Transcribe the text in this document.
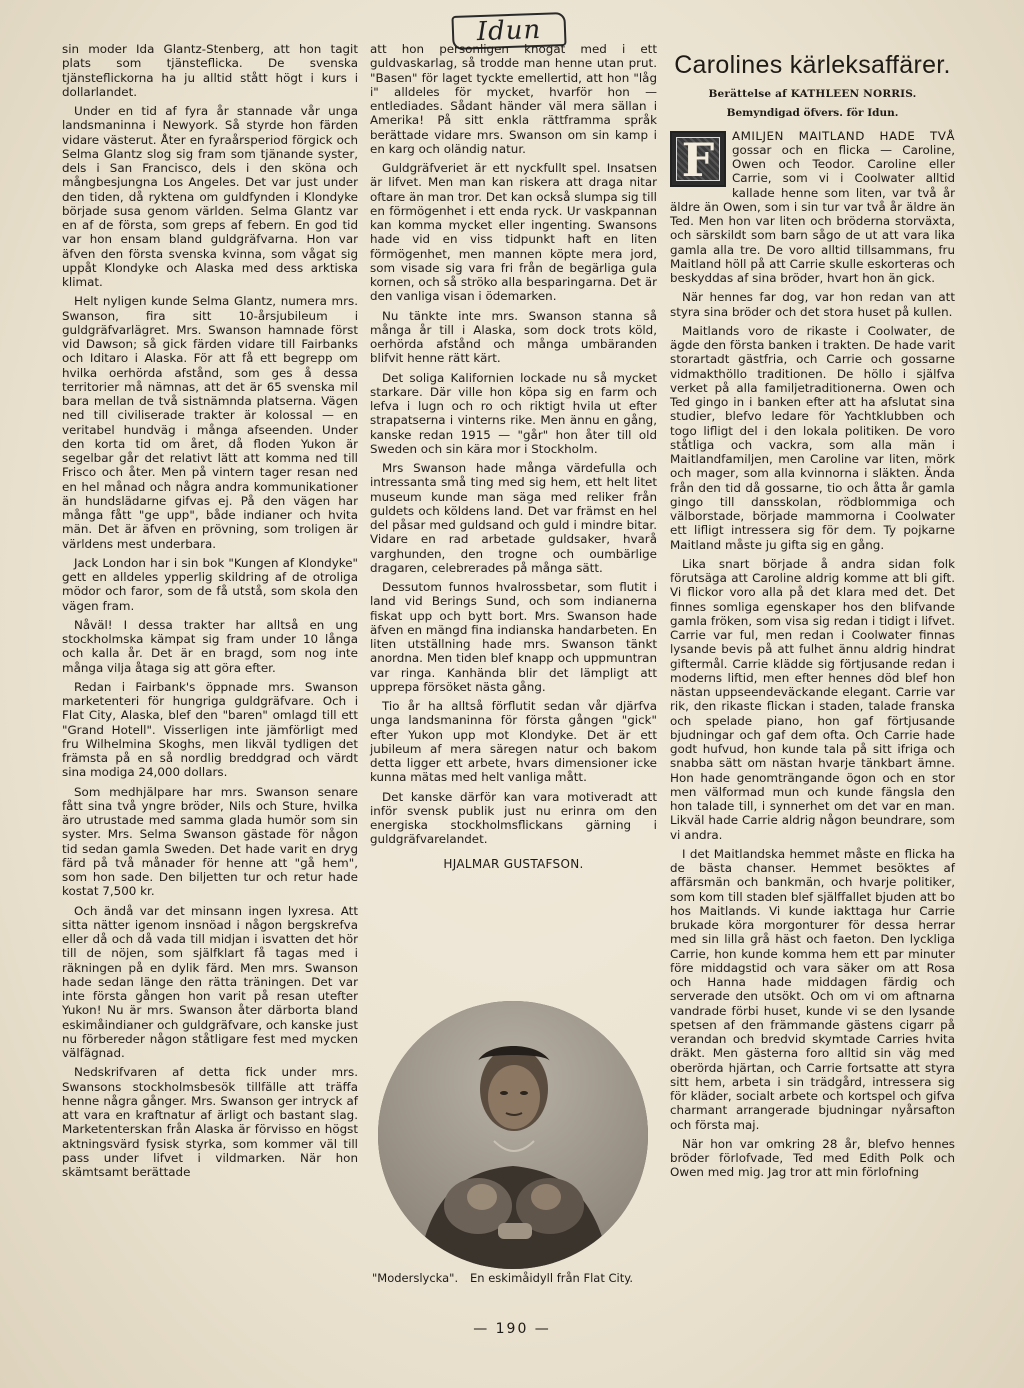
Idun

sin moder Ida Glantz-Stenberg, att hon tagit plats som tjänsteflicka. De svenska tjänsteflickorna ha ju alltid stått högt i kurs i dollarlandet.

Under en tid af fyra år stannade vår unga landsmaninna i Newyork. Så styrde hon färden vidare västerut. Åter en fyraårsperiod förgick och Selma Glantz slog sig fram som tjänande syster, dels i San Francisco, dels i den sköna och mångbesjungna Los Angeles. Det var just under den tiden, då ryktena om guldfynden i Klondyke började susa genom världen. Selma Glantz var en af de första, som greps af febern. En god tid var hon ensam bland guldgräfvarna. Hon var äfven den första svenska kvinna, som vågat sig uppåt Klondyke och Alaska med dess arktiska klimat.

Helt nyligen kunde Selma Glantz, numera mrs. Swanson, fira sitt 10-årsjubileum i guldgräfvarlägret. Mrs. Swanson hamnade först vid Dawson; så gick färden vidare till Fairbanks och Iditaro i Alaska. För att få ett begrepp om hvilka oerhörda afstånd, som ges å dessa territorier må nämnas, att det är 65 svenska mil bara mellan de två sistnämnda platserna. Vägen ned till civiliserade trakter är kolossal — en veritabel hundväg i många afseenden. Under den korta tid om året, då floden Yukon är segelbar går det relativt lätt att komma ned till Frisco och åter. Men på vintern tager resan ned en hel månad och några andra kommunikationer än hundslädarne gifvas ej. På den vägen har många fått "ge upp", både indianer och hvita män. Det är äfven en prövning, som troligen är världens mest underbara.

Jack London har i sin bok "Kungen af Klondyke" gett en alldeles ypperlig skildring af de otroliga mödor och faror, som de få utstå, som skola den vägen fram.

Nåväl! I dessa trakter har alltså en ung stockholmska kämpat sig fram under 10 långa och kalla år. Det är en bragd, som nog inte många vilja åtaga sig att göra efter.

Redan i Fairbank's öppnade mrs. Swanson marketenteri för hungriga guldgräfvare. Och i Flat City, Alaska, blef den "baren" omlagd till ett "Grand Hotell". Visserligen inte jämförligt med fru Wilhelmina Skoghs, men likväl tydligen det främsta på en så nordlig breddgrad och värdt sina modiga 24,000 dollars.

Som medhjälpare har mrs. Swanson senare fått sina två yngre bröder, Nils och Sture, hvilka äro utrustade med samma glada humör som sin syster. Mrs. Selma Swanson gästade för någon tid sedan gamla Sweden. Det hade varit en dryg färd på två månader för henne att "gå hem", som hon sade. Den biljetten tur och retur hade kostat 7,500 kr.

Och ändå var det minsann ingen lyxresa. Att sitta nätter igenom insnöad i någon bergskrefva eller då och då vada till midjan i isvatten det hör till de nöjen, som själfklart få tagas med i räkningen på en dylik färd. Men mrs. Swanson hade sedan länge den rätta träningen. Det var inte första gången hon varit på resan utefter Yukon! Nu är mrs. Swanson åter därborta bland eskimåindianer och guldgräfvare, och kanske just nu förbereder någon ståtligare fest med mycken välfägnad.

Nedskrifvaren af detta fick under mrs. Swansons stockholmsbesök tillfälle att träffa henne några gånger. Mrs. Swanson ger intryck af att vara en kraftnatur af ärligt och bastant slag. Marketenterskan från Alaska är förvisso en högst aktningsvärd fysisk styrka, som kommer väl till pass under lifvet i vildmarken. När hon skämtsamt berättade

att hon personligen knogat med i ett guldvaskarlag, så trodde man henne utan prut. "Basen" för laget tyckte emellertid, att hon "låg i" alldeles för mycket, hvarför hon — entlediades. Sådant händer väl mera sällan i Amerika! På sitt enkla rättframma språk berättade vidare mrs. Swanson om sin kamp i en karg och oländig natur.

Guldgräfveriet är ett nyckfullt spel. Insatsen är lifvet. Men man kan riskera att draga nitar oftare än man tror. Det kan också slumpa sig till en förmögenhet i ett enda ryck. Ur vaskpannan kan komma mycket eller ingenting. Swansons hade vid en viss tidpunkt haft en liten förmögenhet, men mannen köpte mera jord, som visade sig vara fri från de begärliga gula kornen, och så ströko alla besparingarna. Det är den vanliga visan i ödemarken.

Nu tänkte inte mrs. Swanson stanna så många år till i Alaska, som dock trots köld, oerhörda afstånd och många umbäranden blifvit henne rätt kärt.

Det soliga Kalifornien lockade nu så mycket starkare. Där ville hon köpa sig en farm och lefva i lugn och ro och riktigt hvila ut efter strapatserna i vinterns rike. Men ännu en gång, kanske redan 1915 — "går" hon åter till old Sweden och sin kära mor i Stockholm.

Mrs Swanson hade många värdefulla och intressanta små ting med sig hem, ett helt litet museum kunde man säga med reliker från guldets och köldens land. Det var främst en hel del påsar med guldsand och guld i mindre bitar. Vidare en rad arbetade guldsaker, hvarå varghunden, den trogne och oumbärlige dragaren, celebrerades på många sätt.

Dessutom funnos hvalrossbetar, som flutit i land vid Berings Sund, och som indianerna fiskat upp och bytt bort. Mrs. Swanson hade äfven en mängd fina indianska handarbeten. En liten utställning hade mrs. Swanson tänkt anordna. Men tiden blef knapp och uppmuntran var ringa. Kanhända blir det lämpligt att upprepa försöket nästa gång.

Tio år ha alltså förflutit sedan vår djärfva unga landsmaninna för första gången "gick" efter Yukon upp mot Klondyke. Det är ett jubileum af mera säregen natur och bakom detta ligger ett arbete, hvars dimensioner icke kunna mätas med helt vanliga mått.

Det kanske därför kan vara motiveradt att inför svensk publik just nu erinra om den energiska stockholmsflickans gärning i guldgräfvarelandet.

HJALMAR GUSTAFSON.
"Moderslycka". En eskimåidyll från Flat City.
Carolines kärleksaffärer.
Berättelse af KATHLEEN NORRIS.
Bemyndigad öfvers. för Idun.

F	AMILJEN MAITLAND HADE TVÅ gossar och en flicka — Caroline, Owen och Teodor. Caroline eller Carrie, som vi i Coolwater alltid kallade henne som liten, var två år äldre än Owen, som i sin tur var två år äldre än Ted. Men hon var liten och bröderna storväxta, och särskildt som barn sågo de ut att vara lika gamla alla tre. De voro alltid tillsammans, fru Maitland höll på att Carrie skulle eskorteras och beskyddas af sina bröder, hvart hon än gick.

När hennes far dog, var hon redan van att styra sina bröder och det stora huset på kullen.

Maitlands voro de rikaste i Coolwater, de ägde den första banken i trakten. De hade varit storartadt gästfria, och Carrie och gossarne vidmakthöllo traditionen. De höllo i själfva verket på alla familjetraditionerna. Owen och Ted gingo in i banken efter att ha afslutat sina studier, blefvo ledare för Yachtklubben och togo lifligt del i den lokala politiken. De voro ståtliga och vackra, som alla män i Maitlandfamiljen, men Caroline var liten, mörk och mager, som alla kvinnorna i släkten. Ända från den tid då gossarne, tio och åtta år gamla gingo till dansskolan, rödblommiga och välborstade, började mammorna i Coolwater ett lifligt intressera sig för dem. Ty pojkarne Maitland måste ju gifta sig en gång.

Lika snart började å andra sidan folk förutsäga att Caroline aldrig komme att bli gift. Vi flickor voro alla på det klara med det. Det finnes somliga egenskaper hos den blifvande gamla fröken, som visa sig redan i tidigt i lifvet. Carrie var ful, men redan i Coolwater finnas lysande bevis på att fulhet ännu aldrig hindrat giftermål. Carrie klädde sig förtjusande redan i moderns liftid, men efter hennes död blef hon nästan uppseendeväckande elegant. Carrie var rik, den rikaste flickan i staden, talade franska och spelade piano, hon gaf förtjusande bjudningar och gaf dem ofta. Och Carrie hade godt hufvud, hon kunde tala på sitt ifriga och snabba sätt om nästan hvarje tänkbart ämne. Hon hade genomträngande ögon och en stor men välformad mun och kunde fängsla den hon talade till, i synnerhet om det var en man. Likväl hade Carrie aldrig någon beundrare, som vi andra.

I det Maitlandska hemmet måste en flicka ha de bästa chanser. Hemmet besöktes af affärsmän och bankmän, och hvarje politiker, som kom till staden blef själffallet bjuden att bo hos Maitlands. Vi kunde iakttaga hur Carrie brukade köra morgonturer för dessa herrar med sin lilla grå häst och faeton. Den lyckliga Carrie, hon kunde komma hem ett par minuter före middagstid och vara säker om att Rosa och Hanna hade middagen färdig och serverade den utsökt. Och om vi om aftnarna vandrade förbi huset, kunde vi se den lysande spetsen af den främmande gästens cigarr på verandan och bredvid skymtade Carries hvita dräkt. Men gästerna foro alltid sin väg med oberörda hjärtan, och Carrie fortsatte att styra sitt hem, arbeta i sin trädgård, intressera sig för kläder, socialt arbete och kortspel och gifva charmant arrangerade bjudningar nyårsafton och första maj.

När hon var omkring 28 år, blefvo hennes bröder förlofvade, Ted med Edith Polk och Owen med mig. Jag tror att min förlofning

— 190 —
